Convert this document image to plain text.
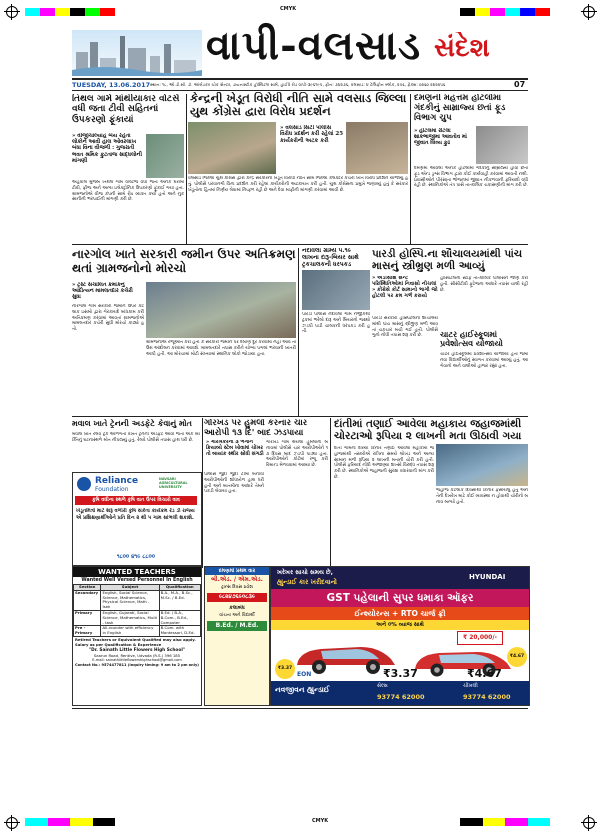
CMYK
CMYK
વાપી-વલસાડ સંદેશ
TUESDAY, 13.06.2017 સ્થાન: ૧૮, ઓ.ડી.સી. ડૉ. આંબેડકર ચોક સેન્ટર, ડાયનાસ્ટીક હૉસ્પિટલ સામે, હાઈવે રોડ વાપી-૩૯૬૧૯૫, ફોન: ૭૪૨૭૬, વલસાડ: ૪ ટેલિફોન બ્લોક, ૨૫૬, ફેક્સ: ૦૨૬૦ ૨૪૨૨૫૬	07
તિથલ ગામે માંથીયાકાર વોટર્સ વધી જતા ટીવી સહિતનાં ઉપકરણો ફૂંકાયાં
» વીજીચાલ્યાહ બેય રહેતા લોકોને આવી હાલ ઓવરલાખ બંધા વિના વીજળી : ગુજરાતી ભવત શ્રમિક ફુટતાજ સાદ્ધલોની માંગણી
અહેવાલ મુજબ તિથલ ગામે વોલ્ટેજ વધી જતાં અનેક ઘરોમાં ટીવી, ફ્રીજ અને અન્ય ઇલેક્ટ્રોનિક ઉપકરણો ફૂંકાઈ ગયા હતા. ગ્રામજનોએ વીજ કંપની સામે રોષ વ્યક્ત કર્યો હતો અને નુકસાનીની ભરપાઈની માંગણી કરી છે.
કેન્દ્રની ખેડૂત વિરોધી નીતિ સામે વલસાડ જિલ્લા યુથ કોંગ્રેસ દ્વારા વિરોધ પ્રદર્શન
» વલસાડ સિટી પોલીસ વિરોધ પ્રદર્શન કરી રહેલાં 25 કાર્યકરોની અટક કરી
વલસાડ જિલ્લા યુથ કોંગ્રેસ દ્વારા કેન્દ્ર સરકારની ખેડૂત વિરોધી નીતિ સામે જિલ્લા કલેક્ટર કચેરી ખાતે વિરોધ પ્રદર્શન યોજાયું હતું. પોલીસે પરવાનગી વિના પ્રદર્શન કરી રહેલા કાર્યકરોની અટકાયત કરી હતી. યુથ કોંગ્રેસના પ્રમુખે જણાવ્યું હતું કે સરકાર ખેડૂતોના હિતમાં નિર્ણય લેવામાં નિષ્ફળ રહી છે અને દેવા માફીની માંગણી કરવામાં આવી છે.
દમણની મહત્તમ હોટલોમાં ગંદકીનું સામ્રાજ્ય છતાં ફૂડ વિભાગ ચુપ
» હોટલમાં રોટલા શાકભાજીમા આવતોવ માં જીવાત લિવ્ય ફુઢ
દમણમાં આવેલી અનેક હોટલોમાં ગંદકીનું સામ્રાજ્ય હોવા છતાં ફૂડ એન્ડ ડ્રગ્સ વિભાગ દ્વારા કોઈ કાર્યવાહી કરવામાં આવતી નથી. પ્રવાસીઓને પીરસાતા ભોજનમાં જીવાત નીકળવાની ફરિયાદો વધી રહી છે. સ્થાનિકોએ તંત્ર પાસે તાત્કાલિક ચકાસણીની માંગ કરી છે.
નારગોલ ખાતે સરકારી જમીન ઉપર અતિક્રમણ થતાં ગ્રામજનોનો મોરચો
» ટ્રસ્ટ સંચાલિત ક્રમાંકનું આદોત્યન મામલતદાર કચેરી સુધા
નારગોલ ગામે સરકારી જમીન ઉપર કેટલાક ઇસમો દ્વારા ગેરકાયદે બાંધકામ કરી અતિક્રમણ કરવામાં આવતાં ગ્રામજનોએ મામલતદાર કચેરી સુધી મોરચો કાઢ્યો હતો.
ગ્રામજનોએ રજૂઆત કરી હતી કે સરકારી જમીન પર દબાણ દૂર કરવામાં નહીં આવે તો ઉગ્ર આંદોલન કરવામાં આવશે. મામલતદારે તપાસ કરીને યોગ્ય પગલાં ભરવાની ખાતરી આપી હતી. આ મોરચામાં મોટી સંખ્યામાં સ્થાનિક લોકો જોડાયા હતા.
નંદાવલા ગ્રામ્યે ૫.૧૯ લાખના દારૂ-બિયર સાથે ટ્રકચાલકની ધરપકડ
પારડી હોસ્પિ.ના શૌચાલયમાંથી પાંચ માસનું સ્ત્રીભ્રુણ મળી આવ્યું
» એડીસીશ સેન્ટ પરિસ્થિતિઓમાં નિવાસો નીચલાં » કોંગ્રેસે કોર્ટ સામાનો ભાગી જો હોટલી પર ક્રમ ગર્ભ કરાયો
પારડી પોલીસે નંદાવલા ગામ નજીકથી ટ્રકમાં ભરેલો દારૂ અને બિયરનો જથ્થો ઝડપી પાડી ચાલકની ધરપકડ કરી હતી.
પારડી સરકારી હોસ્પિટલના શૌચાલયમાંથી પાંચ માસનું સ્ત્રીભ્રુણ મળી આવતાં ચકચાર મચી ગઈ હતી. પોલીસે ગુનો નોંધી તપાસ શરૂ કરી છે.
હોસ્પિટલના સ્ટાફે તાત્કાલિક પોલીસને જાણ કરી હતી. સીસીટીવી ફૂટેજના આધારે તપાસ ચાલી રહી છે.
ચાટર હાઈસ્કૂલમાં પ્રવેશોત્સવ યોજાયો
ચાટર હાઈસ્કૂલમાં પ્રવેશોત્સવ યોજાયો હતો જેમાં નવા વિદ્યાર્થીઓનું સ્વાગત કરવામાં આવ્યું હતું. આગેવાનો અને વાલીઓ હાજર રહ્યા હતા.
મવાલ ખાતે ટ્રેનની અડફેટે કેવાનું મોત
મવાલ ખાતે રેલવે ટ્રેક ઓળંગતી વખતે ટ્રેનની અડફેટે આવી જતાં એક વ્યક્તિનું ઘટનાસ્થળે મોત નીપજ્યું હતું. રેલવે પોલીસે તપાસ હાથ ધરી છે.
ગોરખડ પર હુમલો કરનાર ચાર આરોપી ૧૩ દિ' બાદ ઝડપાયા
» ગોરખકરના ૩ ભેગાન ક્રિયાવ્યે સ્ટેબ ખોવામાં ચોખર તો બાયાંક સ્થીર સોધી સંગઠી
ગોરખડ ગામે થયેલા હુમલાના બનાવમાં પોલીસે ચાર આરોપીઓને ૧૩ દિવસ બાદ ઝડપી પાડ્યા હતા. આરોપીઓને કોર્ટમાં રજૂ કરી રિમાન્ડ મેળવવામાં આવ્યા છે.
પોલીસે જુદી જુદી ટીમો બનાવી આરોપીઓની શોધખોળ હાથ ધરી હતી અને બાતમીના આધારે તેમને પકડી લેવાયા હતા.
દાંતીમાં તણાઈ આવેલા મહાકાય જહાજમાંથી ચોરટાઓ રૂપિયા ૨ લાખની મતા ઊઠાવી ગયા
દાંતી ગામના દરિયા કિનારે તણાઈ આવેલા મહાકાય જહાજમાંથી તસ્કરોએ રાત્રિના સમયે લોખંડ અને અન્ય સામાન મળી રૂપિયા ૨ લાખની મતાની ચોરી કરી હતી. પોલીસે ફરિયાદ નોંધી અજાણ્યા શખ્સો વિરુદ્ધ તપાસ શરૂ કરી છે. સ્થાનિકોએ જહાજની સુરક્ષા વધારવાની માંગ કરી છે.
જહાજ કેટલાક દિવસોથી કિનારે ફસાયેલું હતું અને તેની દેખરેખ માટે કોઈ વ્યવસ્થા ન હોવાથી ચોરીનો બનાવ બન્યો હતો.
Reliance
Foundation
NAVSARI AGRICULTURAL UNIVERSITY
કૃષિ વધીના સ્થળે કૃષિ વાત ઉપર વિચારો વાવ
ખેડૂતમિત્રો માટે શરૂ વળોરી કૃષિ સંકેતા કાર્યક્રમ રેડ ડી રાજ્ય એ પ્રશિક્ષણાર્થીઓને પ્રતિ દિન ૨ થી ૫ ગામ સાંભલી શકાશે.
૧૮૦૦ ૪૧૯ ૮૮૦૦
WANTED TEACHERS
Wanted Well Versed Personnel In English
Section	Subject	Qualification
Secondary	English, Social Science, Science, Mathematics, Physical Science, Math - Isek	B.A., M.A., B.Sc., M.Sc. / B.Ed.
Primary	English, Gujarati, Social Science, Mathematics, Multi - task	B.Ed. / B.A., B.Com., B.Ed., Computer
Pre - Primary	All-rounder with efficiency in English	B.Com. with Montessori, D.Ed.
Retired Teachers or Equivalent Qualified may also apply. Salary as per Qualification & Experience
"Dr. Sainath Little Flowers High School"
Saarun Road, Rentive, Udvada (R.S.) 396 185
E-mail: sainathlittleflowershighschool@gmail.com
Contact No.: 9574477811 (Inquiry timing: 9 am to 2 pm only)
દમણમાં પ્રથમ વાર
બી.એડ. / એમ.એડ.
ટ્રાન્સ દિવસ પ્રવેશ
૯૮૨૪૭૬૯૦૮૩૯
કલાબંધ
વાંચતા અને વિદ્યાર્થી
B.Ed. / M.Ed.
ખરેખર સાચો સમય છે,
હ્યુન્ડાઈ કાર ખરીદવાનો
HYUNDAI
GST પહેલાની સુપર ધમાકા ઑફર
ઈન્શ્યોરન્સ + RTO ચાર્જ ફ્રી
અને ૦% વ્યાજ સાથે
₹ 20,000/-
₹3.37
EON	₹3.37	₹4.67
₹4.67
નવજીવન હ્યુન્ડાઈ	સેલ્સ
93774 62000
ચીખલી
93774 62000
